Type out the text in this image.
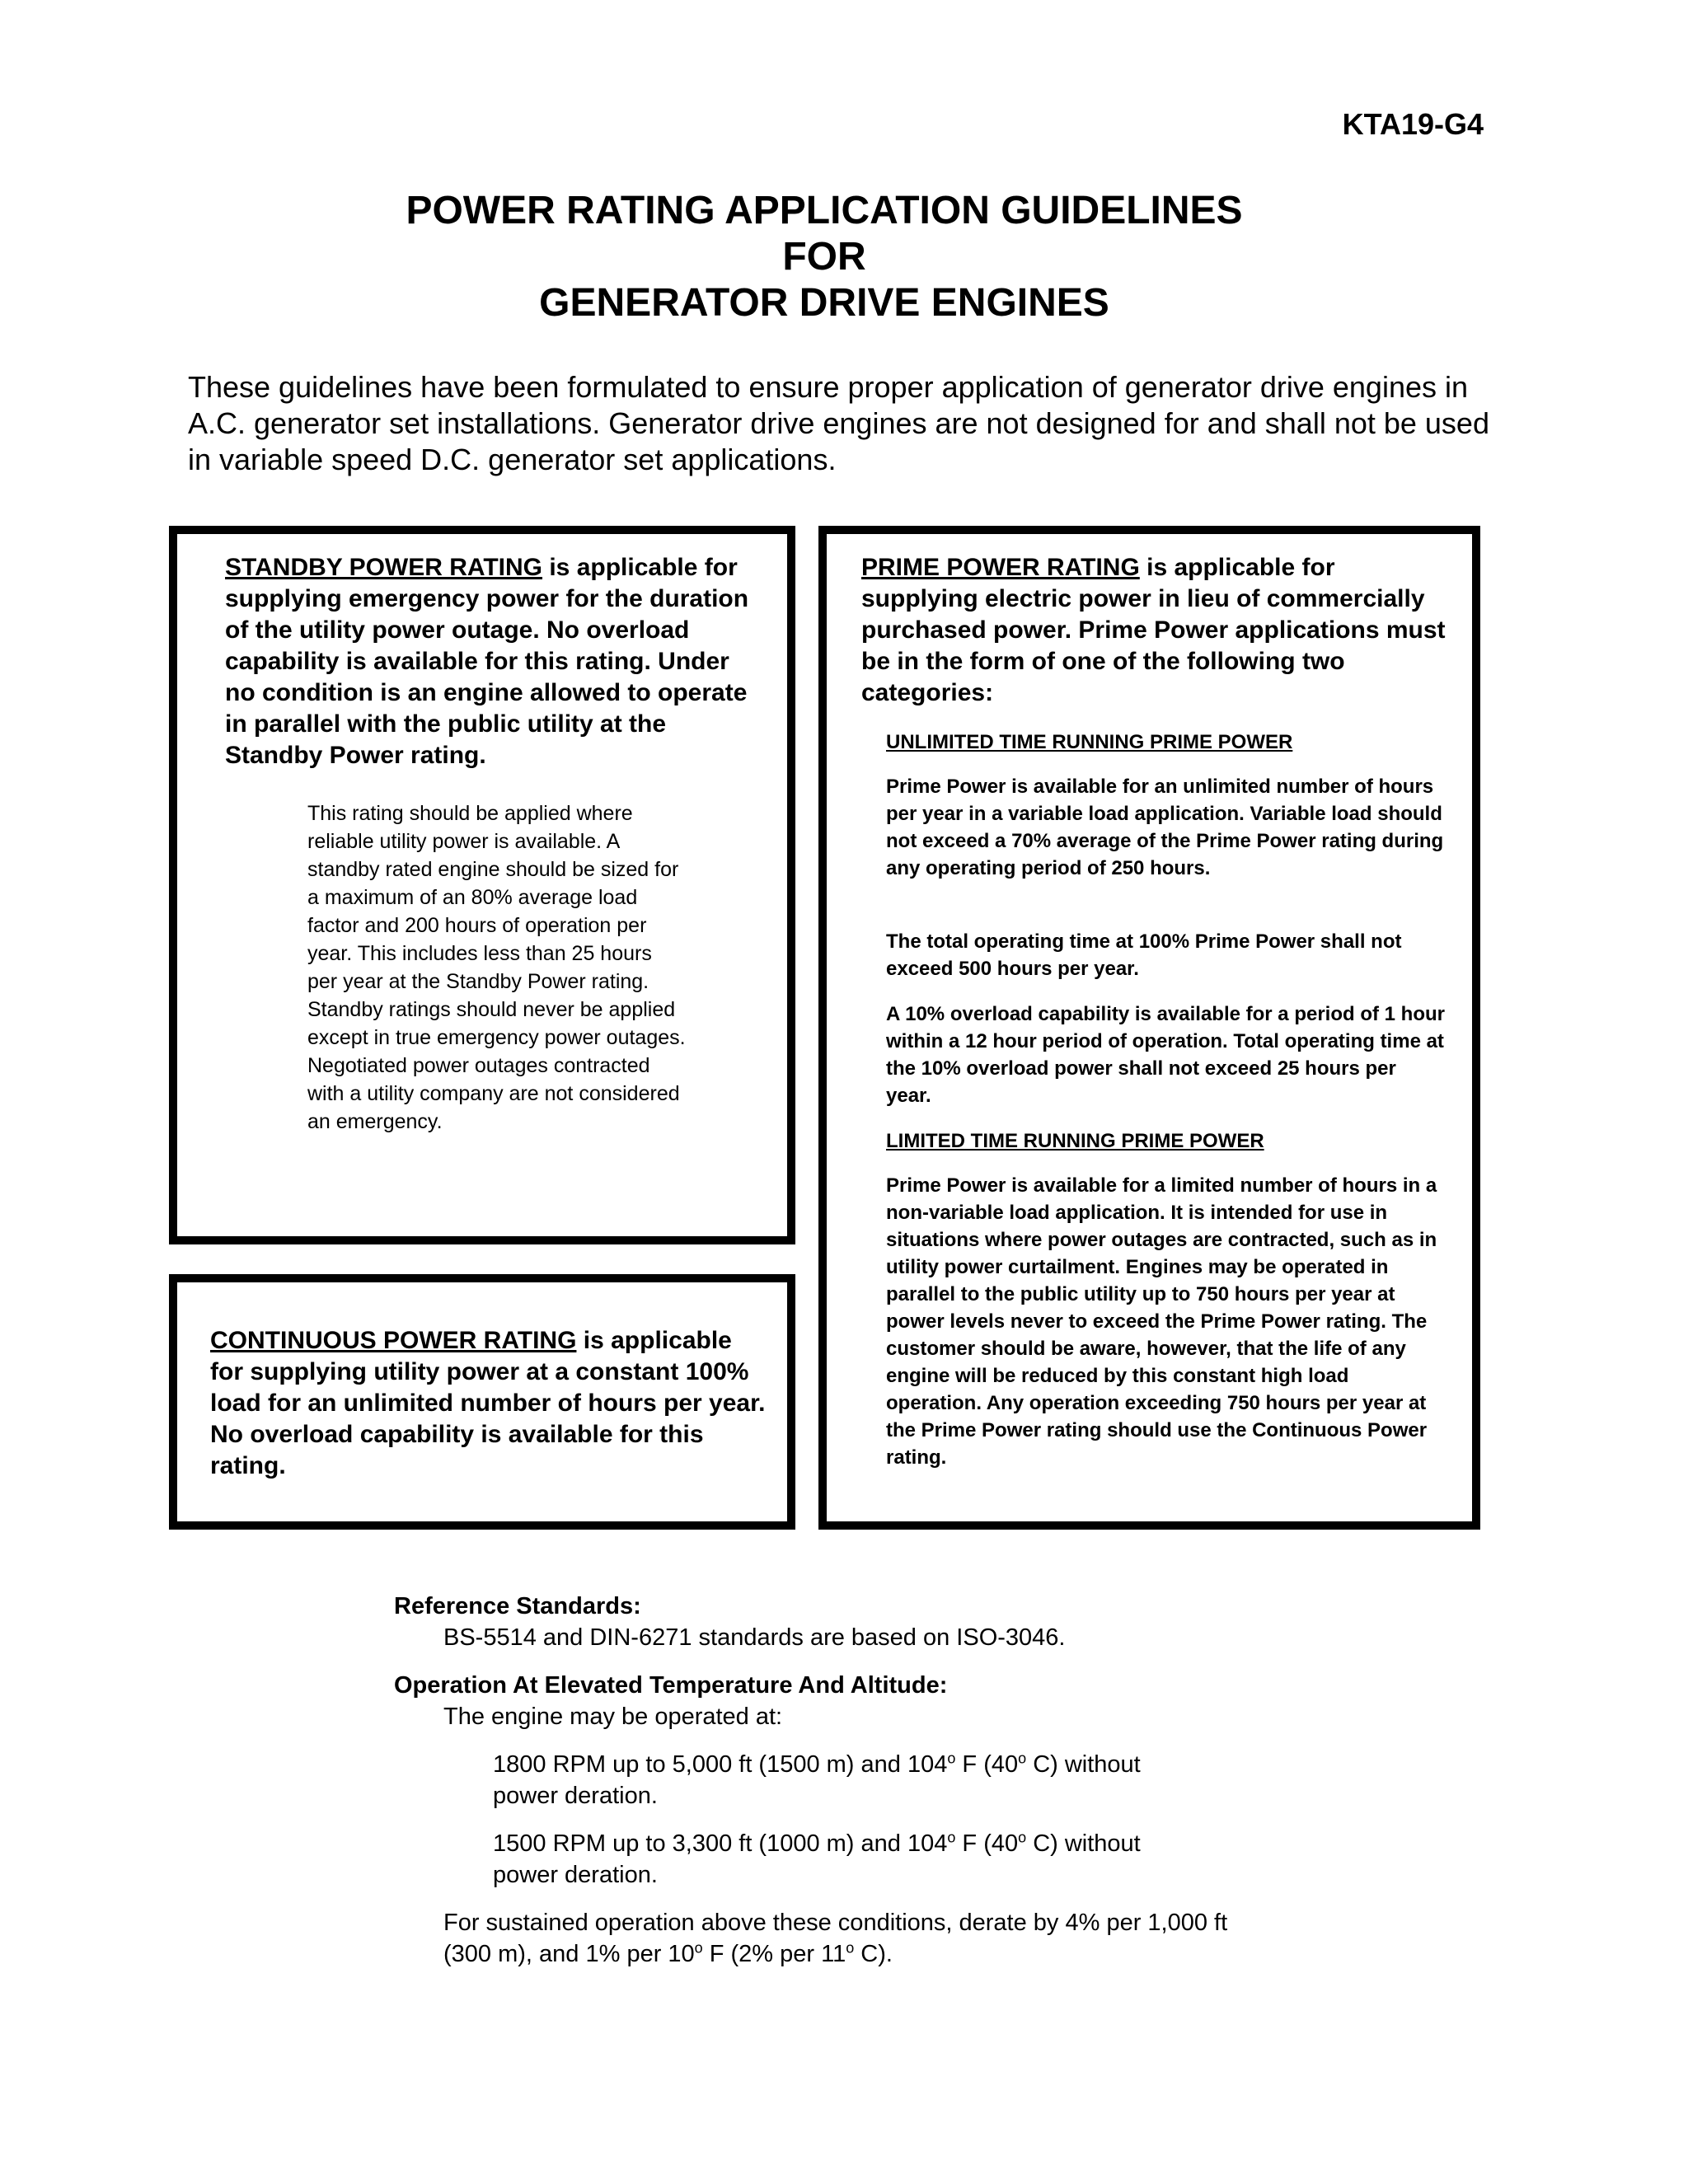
KTA19-G4
POWER RATING APPLICATION GUIDELINES
FOR
GENERATOR DRIVE ENGINES
These guidelines have been formulated to ensure proper application of generator drive engines in A.C. generator set installations. Generator drive engines are not designed for and shall not be used in variable speed D.C. generator set applications.
STANDBY POWER RATING is applicable for supplying emergency power for the duration of the utility power outage. No overload capability is available for this rating. Under no condition is an engine allowed to operate in parallel with the public utility at the Standby Power rating.
This rating should be applied where reliable utility power is available. A standby rated engine should be sized for a maximum of an 80% average load factor and 200 hours of operation per year. This includes less than 25 hours per year at the Standby Power rating. Standby ratings should never be applied except in true emergency power outages. Negotiated power outages contracted with a utility company are not considered an emergency.
CONTINUOUS POWER RATING is applicable for supplying utility power at a constant 100% load for an unlimited number of hours per year. No overload capability is available for this rating.
PRIME POWER RATING is applicable for supplying electric power in lieu of commercially purchased power. Prime Power applications must be in the form of one of the following two categories:
UNLIMITED TIME RUNNING PRIME POWER
Prime Power is available for an unlimited number of hours per year in a variable load application. Variable load should not exceed a 70% average of the Prime Power rating during any operating period of 250 hours.
The total operating time at 100% Prime Power shall not exceed 500 hours per year.
A 10% overload capability is available for a period of 1 hour within a 12 hour period of operation. Total operating time at the 10% overload power shall not exceed 25 hours per year.
LIMITED TIME RUNNING PRIME POWER
Prime Power is available for a limited number of hours in a non-variable load application. It is intended for use in situations where power outages are contracted, such as in utility power curtailment. Engines may be operated in parallel to the public utility up to 750 hours per year at power levels never to exceed the Prime Power rating. The customer should be aware, however, that the life of any engine will be reduced by this constant high load operation. Any operation exceeding 750 hours per year at the Prime Power rating should use the Continuous Power rating.
Reference Standards:
BS-5514 and DIN-6271 standards are based on ISO-3046.
Operation At Elevated Temperature And Altitude:
The engine may be operated at:
1800 RPM up to 5,000 ft (1500 m) and 104$^o$ F (40$^o$ C) without
power deration.
1500 RPM up to 3,300 ft (1000 m) and 104$^o$ F (40$^o$ C) without
power deration.
For sustained operation above these conditions, derate by 4% per 1,000 ft
(300 m), and 1% per 10$^o$ F (2% per 11$^o$ C).
